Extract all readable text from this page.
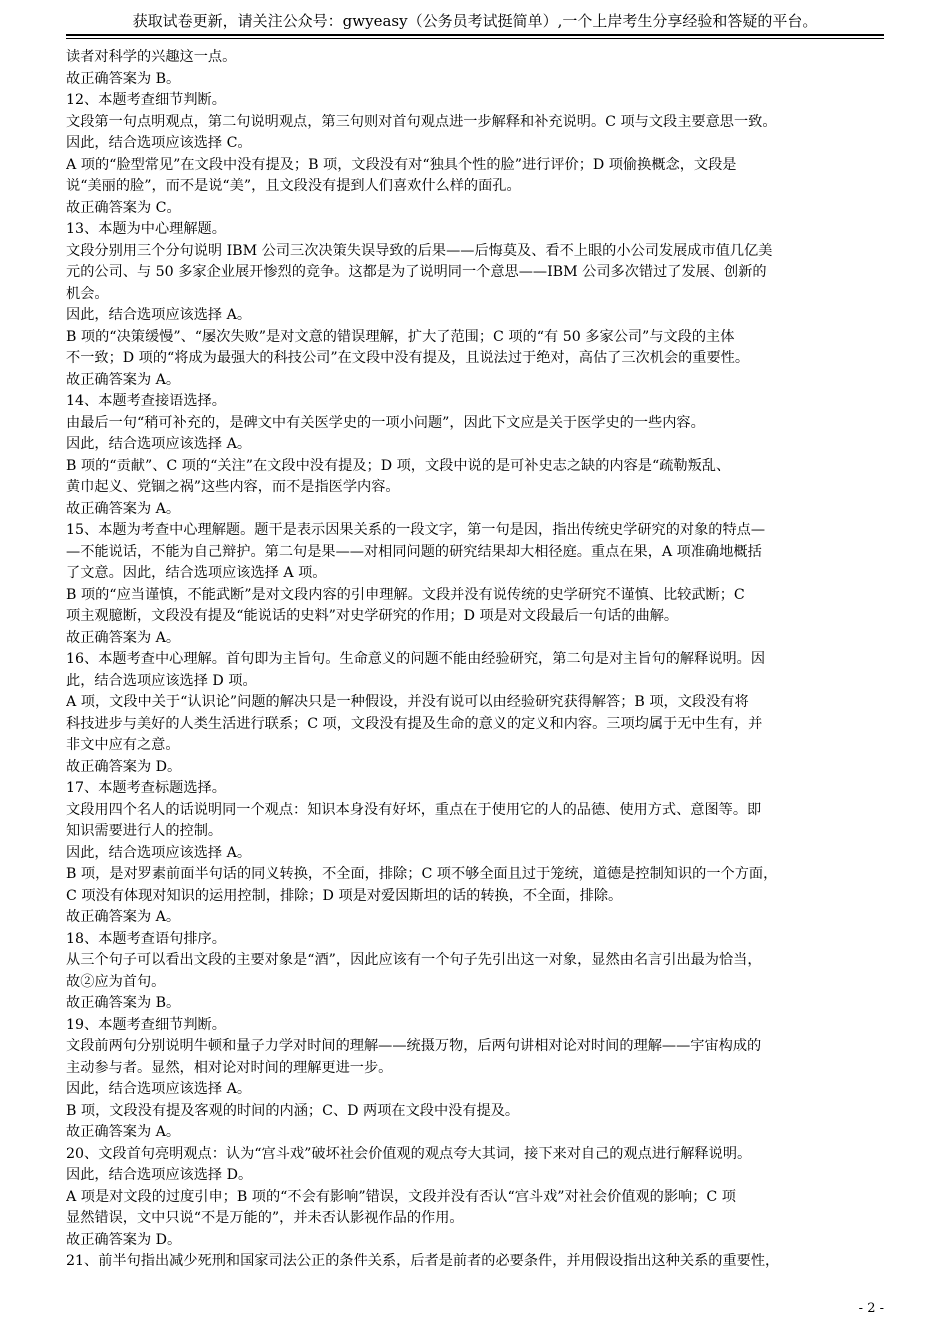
获取试卷更新，请关注公众号：gwyeasy（公务员考试挺简单）,一个上岸考生分享经验和答疑的平台。
读者对科学的兴趣这一点。
故正确答案为 B。
12、本题考查细节判断。
文段第一句点明观点，第二句说明观点，第三句则对首句观点进一步解释和补充说明。C 项与文段主要意思一致。
因此，结合选项应该选择 C。
A 项的“脸型常见”在文段中没有提及；B 项，文段没有对“独具个性的脸”进行评价；D 项偷换概念，文段是
说“美丽的脸”，而不是说“美”，且文段没有提到人们喜欢什么样的面孔。
故正确答案为 C。
13、本题为中心理解题。
文段分别用三个分句说明 IBM 公司三次决策失误导致的后果——后悔莫及、看不上眼的小公司发展成市值几亿美
元的公司、与 50 多家企业展开惨烈的竞争。这都是为了说明同一个意思——IBM 公司多次错过了发展、创新的
机会。
因此，结合选项应该选择 A。
B 项的“决策缓慢”、“屡次失败”是对文意的错误理解，扩大了范围；C 项的“有 50 多家公司”与文段的主体
不一致；D 项的“将成为最强大的科技公司”在文段中没有提及，且说法过于绝对，高估了三次机会的重要性。
故正确答案为 A。
14、本题考查接语选择。
由最后一句“稍可补充的，是碑文中有关医学史的一项小问题”，因此下文应是关于医学史的一些内容。
因此，结合选项应该选择 A。
B 项的“贡献”、C 项的“关注”在文段中没有提及；D 项，文段中说的是可补史志之缺的内容是“疏勒叛乱、
黄巾起义、党锢之祸”这些内容，而不是指医学内容。
故正确答案为 A。
15、本题为考查中心理解题。题干是表示因果关系的一段文字，第一句是因，指出传统史学研究的对象的特点—
—不能说话，不能为自己辩护。第二句是果——对相同问题的研究结果却大相径庭。重点在果，A 项准确地概括
了文意。因此，结合选项应该选择 A 项。
B 项的“应当谨慎，不能武断”是对文段内容的引申理解。文段并没有说传统的史学研究不谨慎、比较武断；C
项主观臆断，文段没有提及“能说话的史料”对史学研究的作用；D 项是对文段最后一句话的曲解。
故正确答案为 A。
16、本题考查中心理解。首句即为主旨句。生命意义的问题不能由经验研究，第二句是对主旨句的解释说明。因
此，结合选项应该选择 D 项。
A 项，文段中关于“认识论”问题的解决只是一种假设，并没有说可以由经验研究获得解答；B 项，文段没有将
科技进步与美好的人类生活进行联系；C 项，文段没有提及生命的意义的定义和内容。三项均属于无中生有，并
非文中应有之意。
故正确答案为 D。
17、本题考查标题选择。
文段用四个名人的话说明同一个观点：知识本身没有好坏，重点在于使用它的人的品德、使用方式、意图等。即
知识需要进行人的控制。
因此，结合选项应该选择 A。
B 项，是对罗素前面半句话的同义转换，不全面，排除；C 项不够全面且过于笼统，道德是控制知识的一个方面，
C 项没有体现对知识的运用控制，排除；D 项是对爱因斯坦的话的转换，不全面，排除。
故正确答案为 A。
18、本题考查语句排序。
从三个句子可以看出文段的主要对象是“酒”，因此应该有一个句子先引出这一对象，显然由名言引出最为恰当，
故②应为首句。
故正确答案为 B。
19、本题考查细节判断。
文段前两句分别说明牛顿和量子力学对时间的理解——统摄万物，后两句讲相对论对时间的理解——宇宙构成的
主动参与者。显然，相对论对时间的理解更进一步。
因此，结合选项应该选择 A。
B 项，文段没有提及客观的时间的内涵；C、D 两项在文段中没有提及。
故正确答案为 A。
20、文段首句亮明观点：认为“宫斗戏”破坏社会价值观的观点夸大其词，接下来对自己的观点进行解释说明。
因此，结合选项应该选择 D。
A 项是对文段的过度引申；B 项的“不会有影响”错误，文段并没有否认“宫斗戏”对社会价值观的影响；C 项
显然错误，文中只说“不是万能的”，并未否认影视作品的作用。
故正确答案为 D。
21、前半句指出减少死刑和国家司法公正的条件关系，后者是前者的必要条件，并用假设指出这种关系的重要性，
- 2 -
